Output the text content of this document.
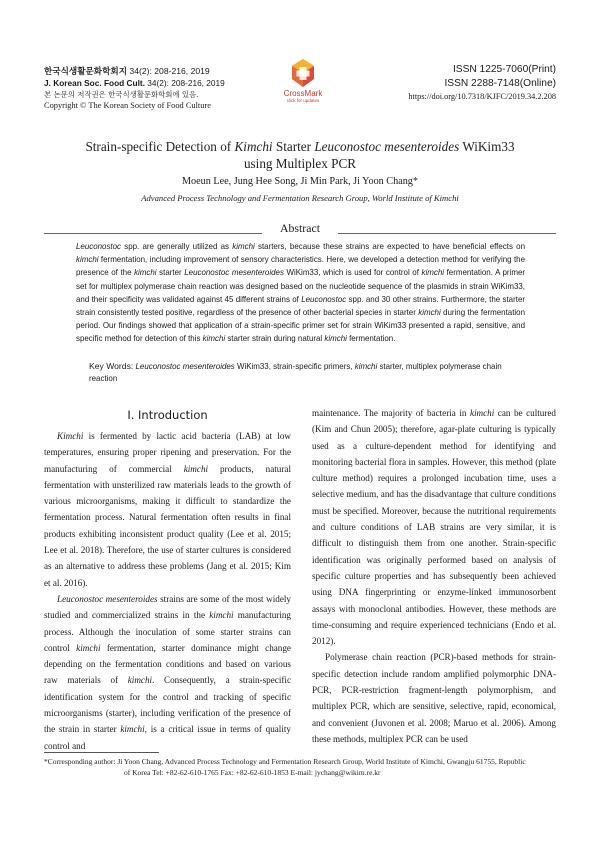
한국식생활문화학회지 34(2): 208-216, 2019
J. Korean Soc. Food Cult. 34(2): 208-216, 2019
본 논문의 저작권은 한국식생활문화학회에 있음.
Copyright © The Korean Society of Food Culture
CrossMark
click for updates
ISSN 1225-7060(Print)
ISSN 2288-7148(Online)
https://doi.org/10.7318/KJFC/2019.34.2.208
Strain-specific Detection of Kimchi Starter Leuconostoc mesenteroides WiKim33
using Multiplex PCR
Moeun Lee, Jung Hee Song, Ji Min Park, Ji Yoon Chang*
Advanced Process Technology and Fermentation Research Group, World Institute of Kimchi
Abstract
Leuconostoc spp. are generally utilized as kimchi starters, because these strains are expected to have beneficial effects on kimchi fermentation, including improvement of sensory characteristics. Here, we developed a detection method for verifying the presence of the kimchi starter Leuconostoc mesenteroides WiKim33, which is used for control of kimchi fermentation. A primer set for multiplex polymerase chain reaction was designed based on the nucleotide sequence of the plasmids in strain WiKim33, and their specificity was validated against 45 different strains of Leuconostoc spp. and 30 other strains. Furthermore, the starter strain consistently tested positive, regardless of the presence of other bacterial species in starter kimchi during the fermentation period. Our findings showed that application of a strain-specific primer set for strain WiKim33 presented a rapid, sensitive, and specific method for detection of this kimchi starter strain during natural kimchi fermentation.
Key Words: Leuconostoc mesenteroides WiKim33, strain-specific primers, kimchi starter, multiplex polymerase chain reaction
I. Introduction

Kimchi is fermented by lactic acid bacteria (LAB) at low temperatures, ensuring proper ripening and preservation. For the manufacturing of commercial kimchi products, natural fermentation with unsterilized raw materials leads to the growth of various microorganisms, making it difficult to standardize the fermentation process. Natural fermentation often results in final products exhibiting inconsistent product quality (Lee et al. 2015; Lee et al. 2018). Therefore, the use of starter cultures is considered as an alternative to address these problems (Jang et al. 2015; Kim et al. 2016).

Leuconostoc mesenteroides strains are some of the most widely studied and commercialized strains in the kimchi manufacturing process. Although the inoculation of some starter strains can control kimchi fermentation, starter dominance might change depending on the fermentation conditions and based on various raw materials of kimchi. Consequently, a strain-specific identification system for the control and tracking of specific microorganisms (starter), including verification of the presence of the strain in starter kimchi, is a critical issue in terms of quality control and

maintenance. The majority of bacteria in kimchi can be cultured (Kim and Chun 2005); therefore, agar-plate culturing is typically used as a culture-dependent method for identifying and monitoring bacterial flora in samples. However, this method (plate culture method) requires a prolonged incubation time, uses a selective medium, and has the disadvantage that culture conditions must be specified. Moreover, because the nutritional requirements and culture conditions of LAB strains are very similar, it is difficult to distinguish them from one another. Strain-specific identification was originally performed based on analysis of specific culture properties and has subsequently been achieved using DNA fingerprinting or enzyme-linked immunosorbent assays with monoclonal antibodies. However, these methods are time-consuming and require experienced technicians (Endo et al. 2012).

Polymerase chain reaction (PCR)-based methods for strain-specific detection include random amplified polymorphic DNA-PCR, PCR-restriction fragment-length polymorphism, and multiplex PCR, which are sensitive, selective, rapid, economical, and convenient (Juvonen et al. 2008; Maruo et al. 2006). Among these methods, multiplex PCR can be used

*Corresponding author: Ji Yoon Chang, Advanced Process Technology and Fermentation Research Group, World Institute of Kimchi, Gwangju 61755, Republic
of Korea Tel: +82-62-610-1765 Fax: +82-62-610-1853 E-mail: jychang@wikim.re.kr
